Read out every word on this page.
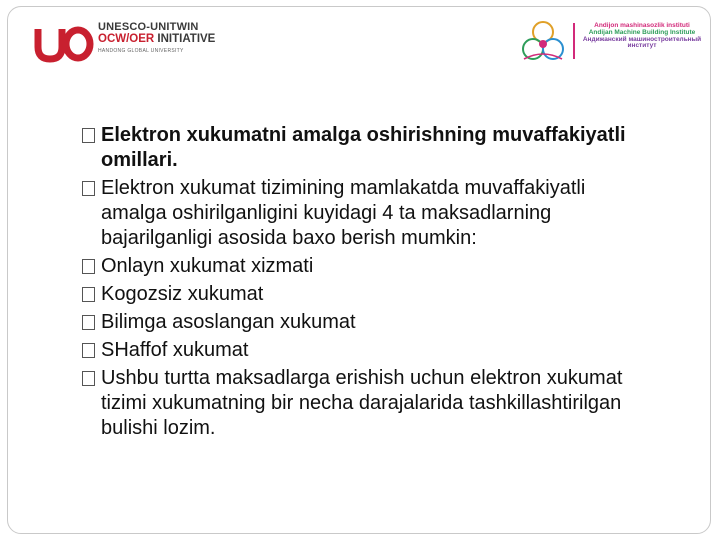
UNESCO-UNITWIN
OCW/OER INITIATIVE
HANDONG GLOBAL UNIVERSITY
Andijon mashinasozlik instituti
Andijan Machine Building Institute
Андижанский машиностроительный
институт
Elektron xukumatni amalga oshirishning muvaffakiyatli omillari.
Elektron xukumat tizimining mamlakatda muvaffakiyatli amalga oshirilganligini kuyidagi 4 ta maksadlarning bajarilganligi asosida baxo berish mumkin:
Onlayn xukumat xizmati
Kogozsiz xukumat
Bilimga asoslangan xukumat
SHaffof xukumat
Ushbu turtta maksadlarga erishish uchun elektron xukumat tizimi xukumatning bir necha darajalarida tashkillashtirilgan bulishi lozim.
